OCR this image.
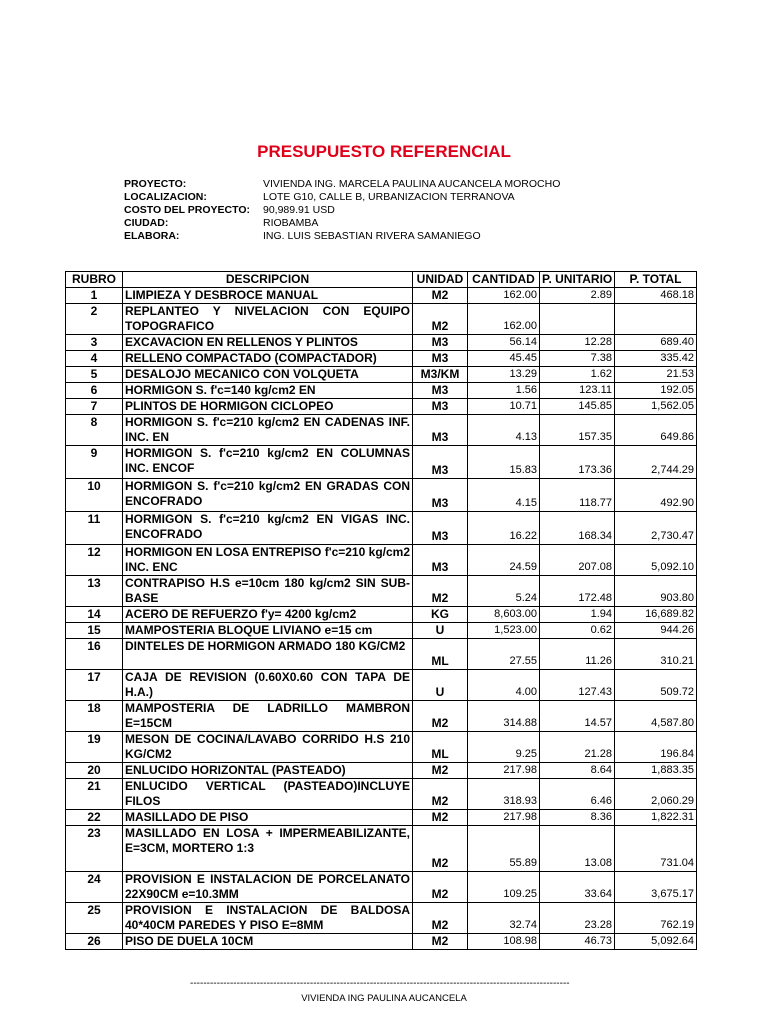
PRESUPUESTO REFERENCIAL
PROYECTO:	VIVIENDA ING. MARCELA PAULINA AUCANCELA MOROCHO
LOCALIZACION:	LOTE G10, CALLE B, URBANIZACION TERRANOVA
COSTO DEL PROYECTO: 90,989.91 USD
CIUDAD:	RIOBAMBA
ELABORA:	ING. LUIS SEBASTIAN RIVERA SAMANIEGO
RUBRO	DESCRIPCION	UNIDAD	CANTIDAD	P. UNITARIO	P. TOTAL
1	LIMPIEZA Y DESBROCE MANUAL	M2	162.00	2.89	468.18
2	REPLANTEO Y NIVELACION CON EQUIPO TOPOGRAFICO	M2	162.00		
3	EXCAVACION EN RELLENOS Y PLINTOS	M3	56.14	12.28	689.40
4	RELLENO COMPACTADO (COMPACTADOR)	M3	45.45	7.38	335.42
5	DESALOJO MECANICO CON VOLQUETA	M3/KM	13.29	1.62	21.53
6	HORMIGON S. f'c=140 kg/cm2 EN	M3	1.56	123.11	192.05
7	PLINTOS DE HORMIGON CICLOPEO	M3	10.71	145.85	1,562.05
8	HORMIGON S. f'c=210 kg/cm2 EN CADENAS INF. INC. EN	M3	4.13	157.35	649.86
9	HORMIGON S. f'c=210 kg/cm2 EN COLUMNAS INC. ENCOF	M3	15.83	173.36	2,744.29
10	HORMIGON S. f'c=210 kg/cm2 EN GRADAS CON ENCOFRADO	M3	4.15	118.77	492.90
11	HORMIGON S. f'c=210 kg/cm2 EN VIGAS INC. ENCOFRADO	M3	16.22	168.34	2,730.47
12	HORMIGON EN LOSA ENTREPISO f'c=210 kg/cm2 INC. ENC	M3	24.59	207.08	5,092.10
13	CONTRAPISO H.S e=10cm 180 kg/cm2 SIN SUB-BASE	M2	5.24	172.48	903.80
14	ACERO DE REFUERZO f'y= 4200 kg/cm2	KG	8,603.00	1.94	16,689.82
15	MAMPOSTERIA BLOQUE LIVIANO e=15 cm	U	1,523.00	0.62	944.26
16	DINTELES DE HORMIGON ARMADO 180 KG/CM2	ML	27.55	11.26	310.21
17	CAJA DE REVISION (0.60X0.60 CON TAPA DE H.A.)	U	4.00	127.43	509.72
18	MAMPOSTERIA DE LADRILLO MAMBRON E=15CM	M2	314.88	14.57	4,587.80
19	MESON DE COCINA/LAVABO CORRIDO H.S 210 KG/CM2	ML	9.25	21.28	196.84
20	ENLUCIDO HORIZONTAL (PASTEADO)	M2	217.98	8.64	1,883.35
21	ENLUCIDO VERTICAL (PASTEADO)INCLUYE FILOS	M2	318.93	6.46	2,060.29
22	MASILLADO DE PISO	M2	217.98	8.36	1,822.31
23	MASILLADO EN LOSA + IMPERMEABILIZANTE, E=3CM, MORTERO 1:3	M2	55.89	13.08	731.04
24	PROVISION E INSTALACION DE PORCELANATO 22X90CM e=10.3MM	M2	109.25	33.64	3,675.17
25	PROVISION E INSTALACION DE BALDOSA 40*40CM PAREDES Y PISO E=8MM	M2	32.74	23.28	762.19
26	PISO DE DUELA 10CM	M2	108.98	46.73	5,092.64
------------------------------------------------------------------------------------------------------------------
VIVIENDA ING PAULINA AUCANCELA
